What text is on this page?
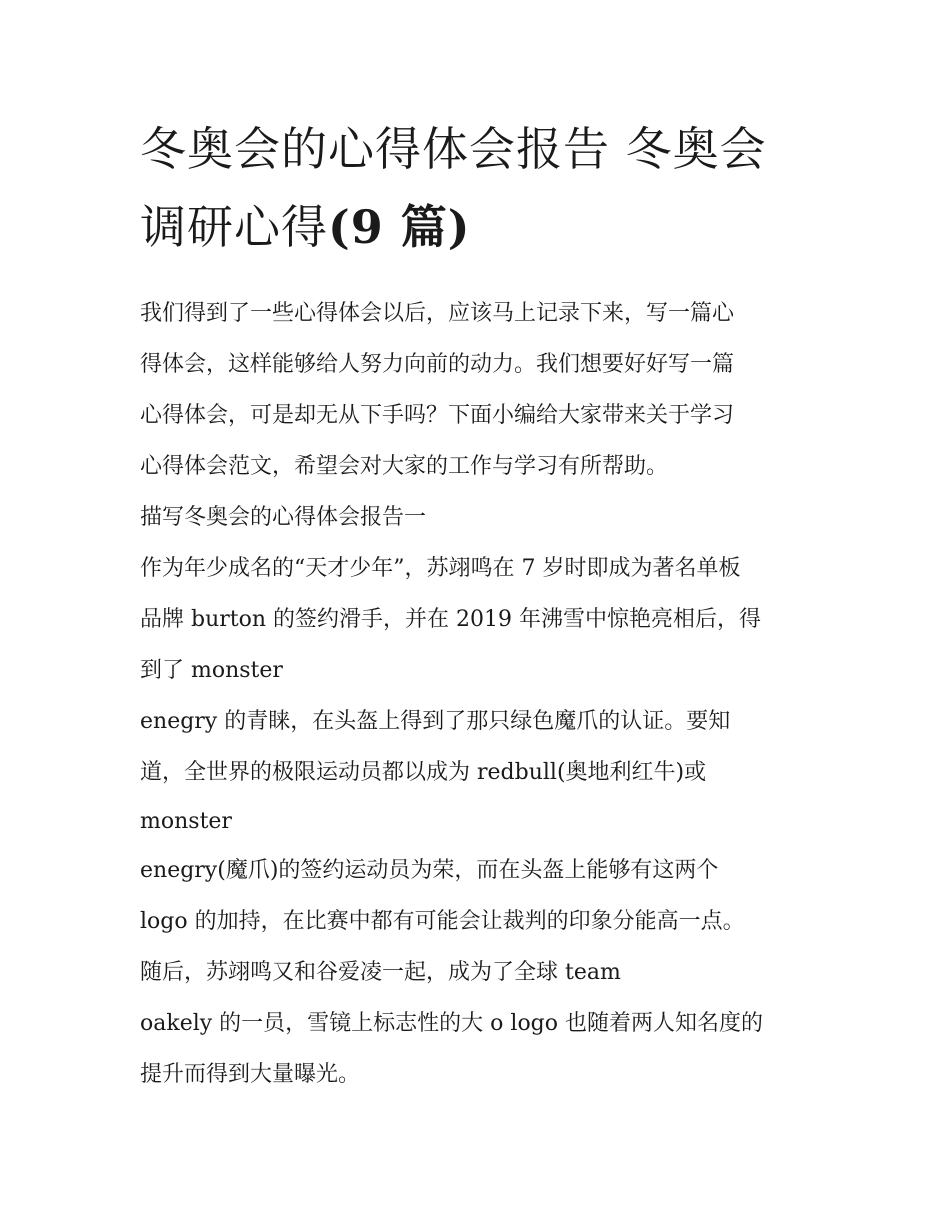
冬奥会的心得体会报告 冬奥会
调研心得(9 篇)
我们得到了一些心得体会以后，应该马上记录下来，写一篇心
得体会，这样能够给人努力向前的动力。我们想要好好写一篇
心得体会，可是却无从下手吗？下面小编给大家带来关于学习
心得体会范文，希望会对大家的工作与学习有所帮助。
描写冬奥会的心得体会报告一
作为年少成名的“天才少年”，苏翊鸣在 7 岁时即成为著名单板
品牌 burton 的签约滑手，并在 2019 年沸雪中惊艳亮相后，得
到了 monster
enegry 的青睐，在头盔上得到了那只绿色魔爪的认证。要知
道，全世界的极限运动员都以成为 redbull(奥地利红牛)或
monster
enegry(魔爪)的签约运动员为荣，而在头盔上能够有这两个
logo 的加持，在比赛中都有可能会让裁判的印象分能高一点。
随后，苏翊鸣又和谷爱凌一起，成为了全球 team
oakely 的一员，雪镜上标志性的大 o logo 也随着两人知名度的
提升而得到大量曝光。
